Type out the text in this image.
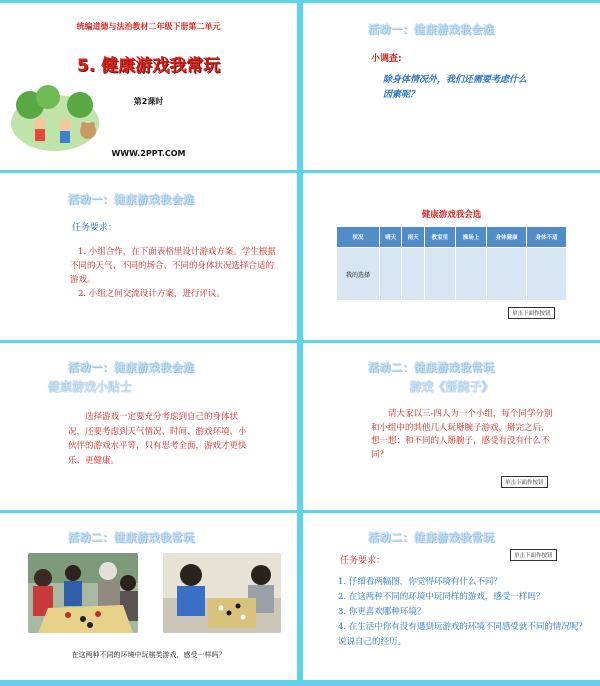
统编道德与法治教材二年级下册第二单元
5. 健康游戏我常玩
第2课时
WWW.2PPT.COM
活动一：健康游戏我会选
小调查:
除身体情况外，我们还需要考虑什么因素呢？
活动一：健康游戏我会选
任务要求：
1. 小组合作，在下面表格里设计游戏方案。学生根据不同的天气、不同的场合、不同的身体状况选择合适的游戏。
2. 小组之间交流设计方案，进行评议。
健康游戏我会选
状况	晴天	雨天	教室里	操场上	身体健康	身体不适
我的选择						
单击下面作按钮
活动一：健康游戏我会选
健康游戏小贴士
选择游戏一定要充分考虑到自己的身体状况，还要考虑到天气情况、时间、游戏环境、小伙伴的游戏水平等，只有思考全面，游戏才更快乐、更健康。
活动二：健康游戏我常玩
游戏《掰腕子》
请大家以三-四人为一个小组，每个同学分别和小组中的其他几人玩掰腕子游戏，掰完之后，想一想：和不同的人掰腕子，感受有没有什么不同？
单击下面作按钮
活动二：健康游戏我常玩
在这两种不同的环境中玩棋类游戏，感受一样吗？
活动二：健康游戏我常玩
单击下面作按钮
任务要求：
1. 仔细看两幅图，你觉得环境有什么不同？
2. 在这两种不同的环境中玩同样的游戏，感受一样吗？
3. 你更喜欢哪种环境？
4. 在生活中你有没有遇到玩游戏的环境不同感受就不同的情况呢？说说自己的经历。
